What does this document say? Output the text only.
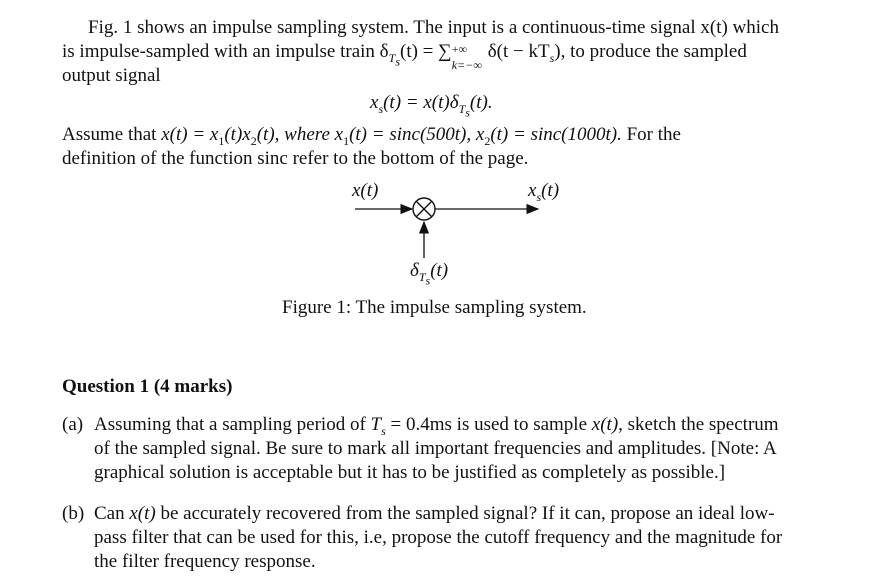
Fig. 1 shows an impulse sampling system. The input is a continuous-time signal x(t) which
is impulse-sampled with an impulse train $\delta_{T_s}(t)$ = ∑ +∞
k=−∞
$\delta(t - kT_s)$, to produce the sampled
output signal
$x_s(t) = x(t)\delta_{T_s}(t)$.
Assume that $x(t) = x_1(t)x_2(t)$, where $x_1(t) = \sin c(500t)$, $x_2(t) = \sin c(1000t)$. For the
definition of the function sinc refer to the bottom of the page.
x(t)	$x_s(t)$
$\delta_{T_s}(t)$
Figure 1: The impulse sampling system.
Question 1 (4 marks)
(a) Assuming that a sampling period of $T_s = 0.4ms$ is used to sample x(t), sketch the spectrum
of the sampled signal. Be sure to mark all important frequencies and amplitudes. [Note: A
graphical solution is acceptable but it has to be justified as completely as possible.]
(b) Can x(t) be accurately recovered from the sampled signal? If it can, propose an ideal low-
pass filter that can be used for this, i.e, propose the cutoff frequency and the magnitude for
the filter frequency response.
